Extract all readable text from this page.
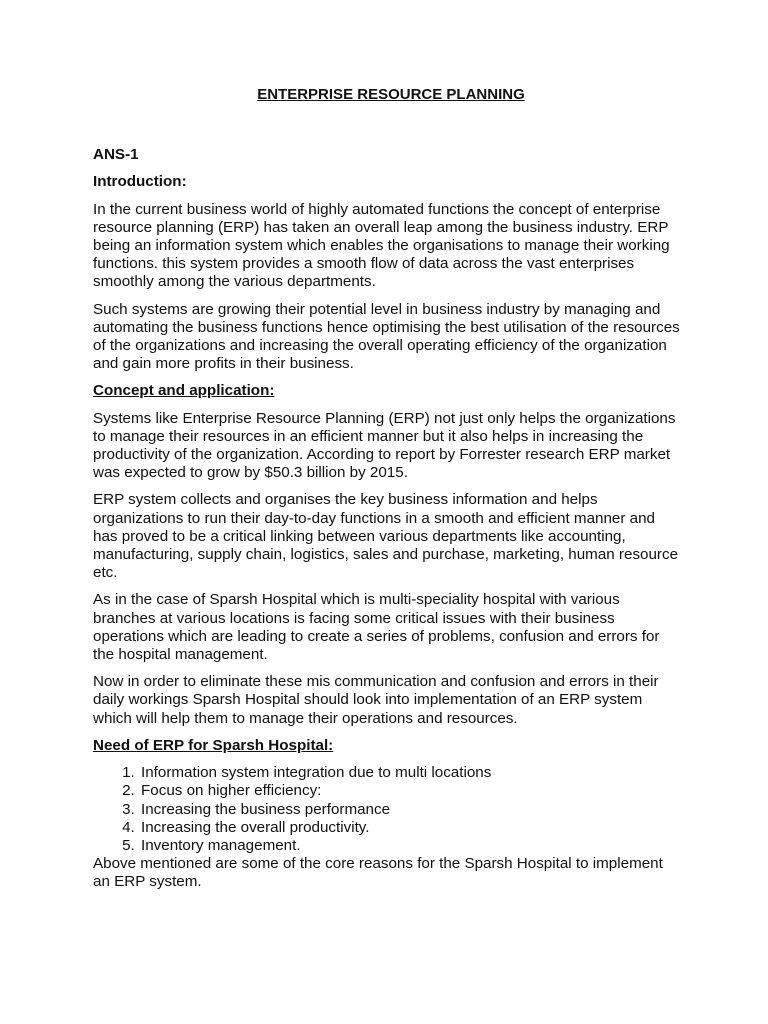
ENTERPRISE RESOURCE PLANNING
ANS-1
Introduction:

In the current business world of highly automated functions the concept of enterprise resource planning (ERP) has taken an overall leap among the business industry. ERP being an information system which enables the organisations to manage their working functions. this system provides a smooth flow of data across the vast enterprises smoothly among the various departments.

Such systems are growing their potential level in business industry by managing and automating the business functions hence optimising the best utilisation of the resources of the organizations and increasing the overall operating efficiency of the organization and gain more profits in their business.

Concept and application:

Systems like Enterprise Resource Planning (ERP) not just only helps the organizations to manage their resources in an efficient manner but it also helps in increasing the productivity of the organization. According to report by Forrester research ERP market was expected to grow by $50.3 billion by 2015.

ERP system collects and organises the key business information and helps organizations to run their day-to-day functions in a smooth and efficient manner and has proved to be a critical linking between various departments like accounting, manufacturing, supply chain, logistics, sales and purchase, marketing, human resource etc.

As in the case of Sparsh Hospital which is multi-speciality hospital with various branches at various locations is facing some critical issues with their business operations which are leading to create a series of problems, confusion and errors for the hospital management.

Now in order to eliminate these mis communication and confusion and errors in their daily workings Sparsh Hospital should look into implementation of an ERP system which will help them to manage their operations and resources.

Need of ERP for Sparsh Hospital:
1. Information system integration due to multi locations
2. Focus on higher efficiency:
3. Increasing the business performance
4. Increasing the overall productivity.
5. Inventory management.

Above mentioned are some of the core reasons for the Sparsh Hospital to implement an ERP system.
